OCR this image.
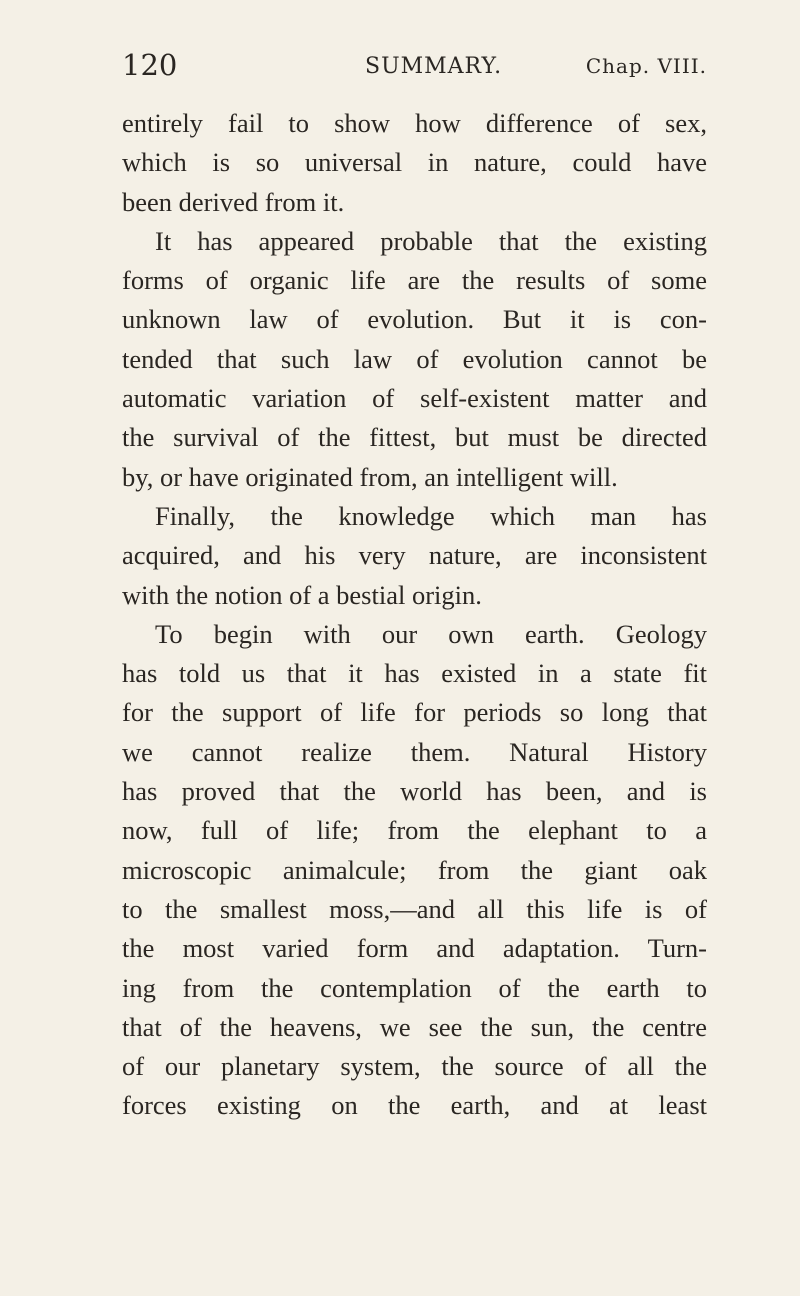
120	SUMMARY.	Chap. VIII.
entirely fail to show how difference of sex,
which is so universal in nature, could have
been derived from it.
It has appeared probable that the existing
forms of organic life are the results of some
unknown law of evolution. But it is con-
tended that such law of evolution cannot be
automatic variation of self-existent matter and
the survival of the fittest, but must be directed
by, or have originated from, an intelligent will.
Finally, the knowledge which man has
acquired, and his very nature, are inconsistent
with the notion of a bestial origin.
To begin with our own earth. Geology
has told us that it has existed in a state fit
for the support of life for periods so long that
we cannot realize them. Natural History
has proved that the world has been, and is
now, full of life; from the elephant to a
microscopic animalcule; from the giant oak
to the smallest moss,—and all this life is of
the most varied form and adaptation. Turn-
ing from the contemplation of the earth to
that of the heavens, we see the sun, the centre
of our planetary system, the source of all the
forces existing on the earth, and at least
